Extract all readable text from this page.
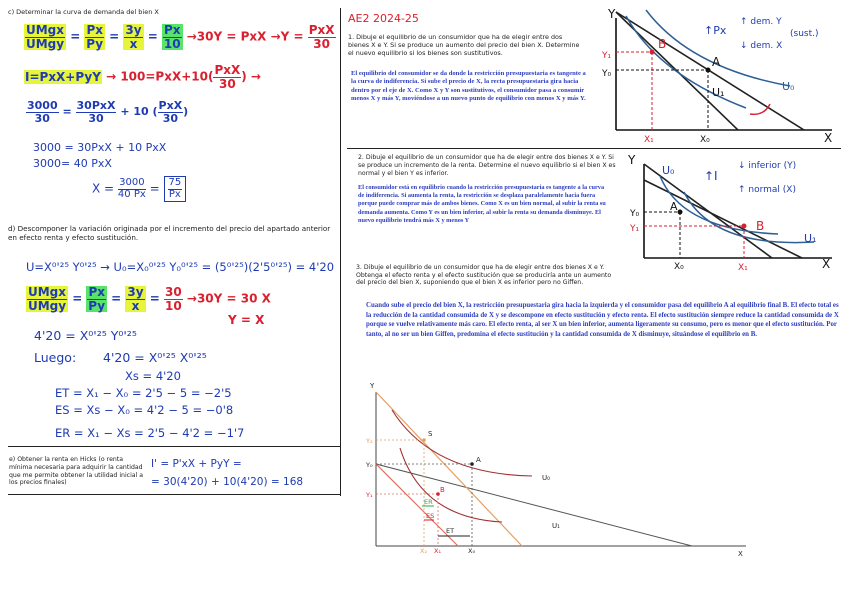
c) Determinar la curva de demanda del bien X
$\frac{\text{UMgx}}{\text{UMgy}} = \frac{Px}{Py} = \frac{3y}{x} = \frac{Px}{10} \to 30Y$ = PxX $\to Y = \frac{\text{PxX}}{30}$
$I=PxX+PyY \to 100=PxX+10( \frac{\text{PxX}}{30}$ ) →
$\frac{3000}{30} = \frac{\text{30PxX}}{30} + 10$ ( $\frac{\text{PxX}}{30}$ )
3000 = 30PxX + 10 PxX
3000= 40 PxX
$X = \frac{3000}{40 Px} = \frac{75}{Px}$
d) Descomponer la variación originada por el incremento del precio del apartado anterior en efecto renta y efecto sustitución.
U=X⁰'²⁵ Y⁰'²⁵ → U₀=X₀⁰'²⁵ Y₀⁰'²⁵ = (5⁰'²⁵)(2'5⁰'²⁵) = 4'20
$\frac{\text{UMgx}}{\text{UMgy}} = \frac{Px}{Py} = \frac{3y}{x} = \frac{30}{10} \to 30Y = 30$ X
Y = X
4'20 = X⁰'²⁵ Y⁰'²⁵
Luego: 4'20 = X⁰'²⁵ X⁰'²⁵
Xs = 4'20
ET = X₁ − X₀ = 2'5 − 5 = −2'5
ES = Xs − X₀ = 4'2 − 5 = −0'8
ER = X₁ − Xs = 2'5 − 4'2 = −1'7
e) Obtener la renta en Hicks (o renta mínima necesaria para adquirir la cantidad que me permite obtener la utilidad inicial a los precios finales)
I' = P'xX + PyY =
= 30(4'20) + 10(4'20) = 168
AE2 2024-25
1. Dibuje el equilibrio de un consumidor que ha de elegir entre dos bienes X e Y. Si se produce un aumento del precio del bien X. Determine el nuevo equilibrio si los bienes son sustitutivos.
El equilibrio del consumidor se da donde la restricción presupuestaria es tangente a la curva de indiferencia. Si sube el precio de X, la recta presupuestaria gira hacia dentro por el eje de X. Como X y Y son sustitutivos, el consumidor pasa a consumir menos X y más Y, moviéndose a un nuevo punto de equilibrio con menos X y más Y.
Y
X
B
A
Y₁
Y₀
X₁	X₀
U₀
U₁
↑Px
↑ dem. Y
(sust.)
↓ dem. X
2. Dibuje el equilibrio de un consumidor que ha de elegir entre dos bienes X e Y. Si se produce un incremento de la renta. Determine el nuevo equilibrio si el bien X es normal y el bien Y es inferior.
El consumidor está en equilibrio cuando la restricción presupuestaria es tangente a la curva de indiferencia. Si aumenta la renta, la restricción se desplaza paralelamente hacia fuera porque puede comprar más de ambos bienes. Como X es un bien normal, al subir la renta su demanda aumenta. Como Y es un bien inferior, al subir la renta su demanda disminuye. El nuevo equilibrio tendrá más X y menos Y
Y
X
A
B
Y₀
Y₁
X₀	X₁
U₀
U₁
↑I
↓ inferior (Y)
↑ normal (X)
3. Dibuje el equilibrio de un consumidor que ha de elegir entre dos bienes X e Y. Obtenga el efecto renta y el efecto sustitución que se produciría ante un aumento del precio del bien X, suponiendo que el bien X es inferior pero no Giffen.
Cuando sube el precio del bien X, la restricción presupuestaria gira hacia la izquierda y el consumidor pasa del equilibrio A al equilibrio final B. El efecto total es la reducción de la cantidad consumida de X y se descompone en efecto sustitución y efecto renta. El efecto sustitución siempre reduce la cantidad consumida de X porque se vuelve relativamente más caro. El efecto renta, al ser X un bien inferior, aumenta ligeramente su consumo, pero es menor que el efecto sustitución. Por tanto, al no ser un bien Giffen, predomina el efecto sustitución y la cantidad consumida de X disminuye, situándose el equilibrio en B.
Y
X
S
A
B
Y₂
Y₀
Y₁
U₀
U₁
ER
ES
ET
X₂ X₁	X₀
